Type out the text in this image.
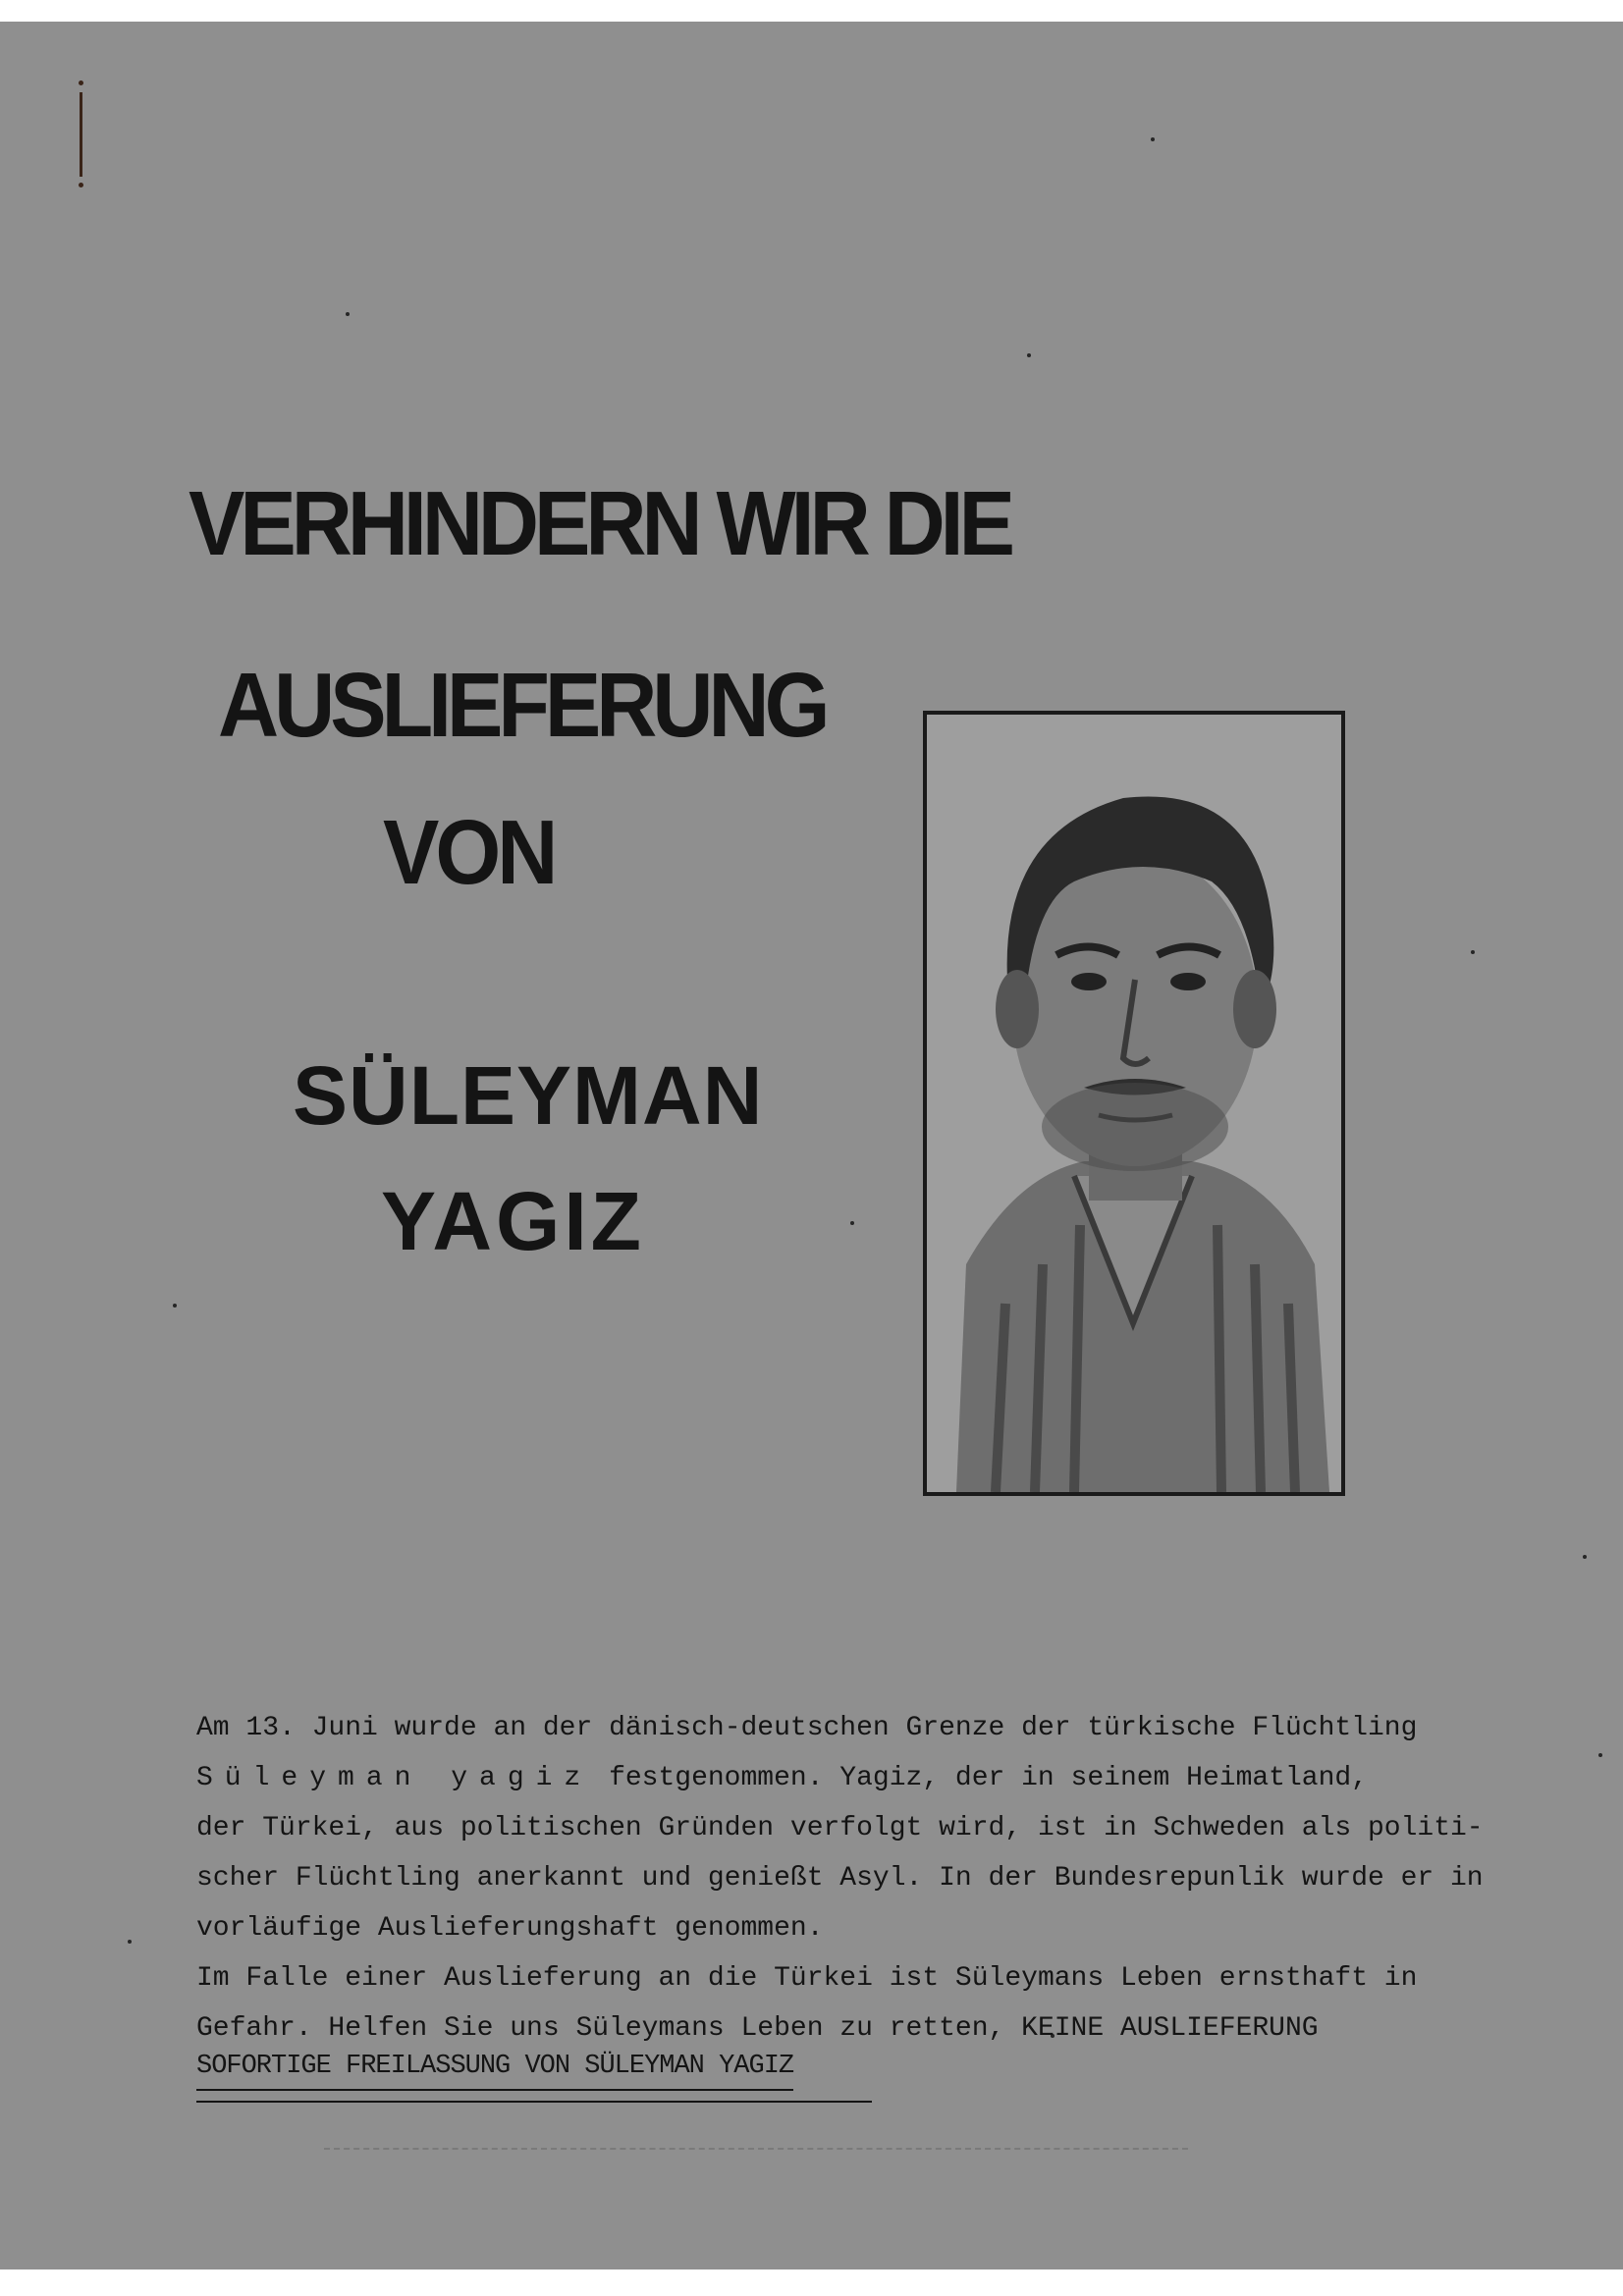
VERHINDERN WIR DIE
AUSLIEFERUNG
VON
SÜLEYMAN
YAGIZ
Am 13. Juni wurde an der dänisch-deutschen Grenze der türkische Flüchtling
Süleyman yagiz festgenommen. Yagiz, der in seinem Heimatland,
der Türkei, aus politischen Gründen verfolgt wird, ist in Schweden als politi-
scher Flüchtling anerkannt und genießt Asyl. In der Bundesrepunlik wurde er in
vorläufige Auslieferungshaft genommen.
Im Falle einer Auslieferung an die Türkei ist Süleymans Leben ernsthaft in
Gefahr. Helfen Sie uns Süleymans Leben zu retten, KEINE AUSLIEFERUNG
SOFORTIGE FREILASSUNG VON SÜLEYMAN YAGIZ
